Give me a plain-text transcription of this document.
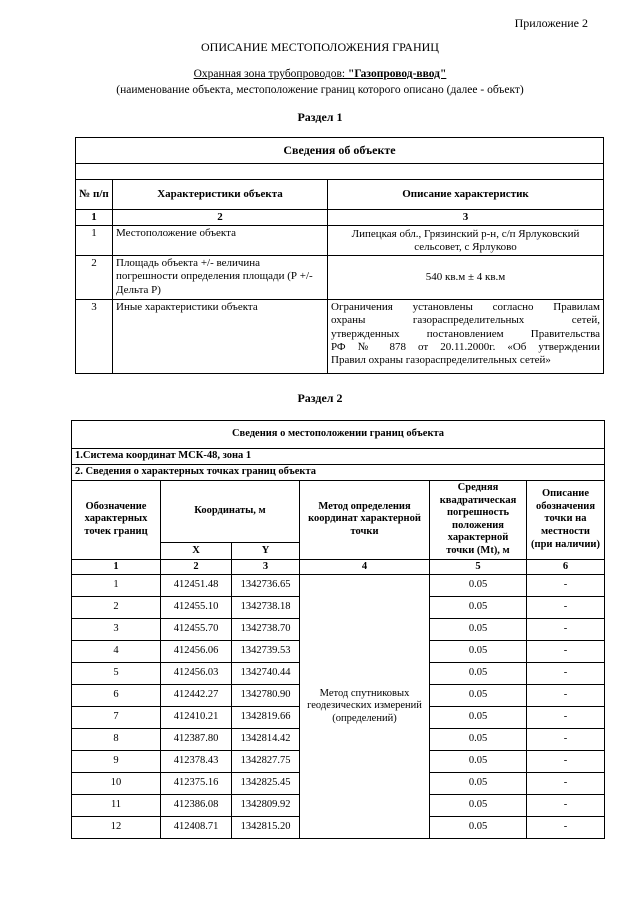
Приложение 2
ОПИСАНИЕ МЕСТОПОЛОЖЕНИЯ ГРАНИЦ
Охранная зона трубопроводов: "Газопровод-ввод"
(наименование объекта, местоположение границ которого описано (далее - объект)
Раздел 1
Сведения об объекте		

№ п/п	Характеристики объекта	Описание характеристик
1	2	3
1	Местоположение объекта	Липецкая обл., Грязинский р-н, с/п Ярлуковский сельсовет, с Ярлуково
2	Площадь объекта +/- величина погрешности определения площади (Р +/- Дельта Р)	540 кв.м ± 4 кв.м
3	Иные характеристики объекта	Ограничения установлены согласно Правилам
охраны газораспределительных сетей,
утвержденных постановлением Правительства
РФ № 878 от 20.11.2000г. «Об утверждении
Правил охраны газораспределительных сетей»
Раздел 2
Сведения о местоположении границ объекта					
1.Система координат МСК-48, зона 1					
2. Сведения о характерных точках границ объекта					
Обозначение характерных точек границ	Координаты, м		Метод определения координат характерной точки	Средняя квадратическая погрешность положения характерной точки (Mt), м	Описание обозначения точки на местности (при наличии)
	X	Y			
1	2	3	4	5	6
1	412451.48	1342736.65	Метод спутниковых геодезических измерений (определений)	0.05	-
2	412455.10	1342738.18		0.05	-
3	412455.70	1342738.70		0.05	-
4	412456.06	1342739.53		0.05	-
5	412456.03	1342740.44		0.05	-
6	412442.27	1342780.90		0.05	-
7	412410.21	1342819.66		0.05	-
8	412387.80	1342814.42		0.05	-
9	412378.43	1342827.75		0.05	-
10	412375.16	1342825.45		0.05	-
11	412386.08	1342809.92		0.05	-
12	412408.71	1342815.20		0.05	-
